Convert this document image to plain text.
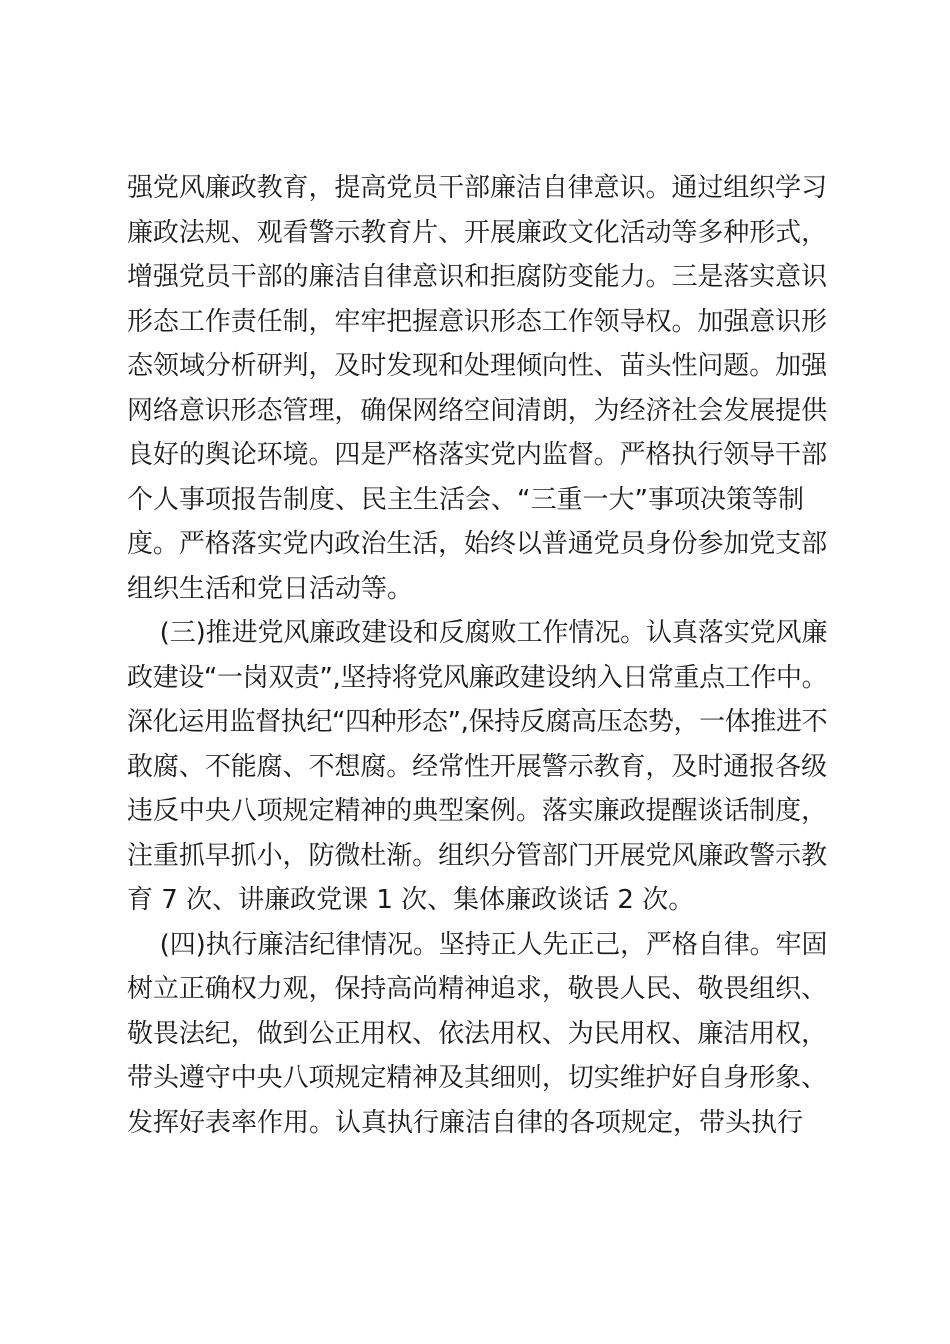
强党风廉政教育，提高党员干部廉洁自律意识。通过组织学习
廉政法规、观看警示教育片、开展廉政文化活动等多种形式，
增强党员干部的廉洁自律意识和拒腐防变能力。三是落实意识
形态工作责任制，牢牢把握意识形态工作领导权。加强意识形
态领域分析研判，及时发现和处理倾向性、苗头性问题。加强
网络意识形态管理，确保网络空间清朗，为经济社会发展提供
良好的舆论环境。四是严格落实党内监督。严格执行领导干部
个人事项报告制度、民主生活会、“三重一大”事项决策等制
度。严格落实党内政治生活，始终以普通党员身份参加党支部
组织生活和党日活动等。
(三)推进党风廉政建设和反腐败工作情况。认真落实党风廉
政建设“一岗双责”,坚持将党风廉政建设纳入日常重点工作中。
深化运用监督执纪“四种形态”,保持反腐高压态势，一体推进不
敢腐、不能腐、不想腐。经常性开展警示教育，及时通报各级
违反中央八项规定精神的典型案例。落实廉政提醒谈话制度，
注重抓早抓小，防微杜渐。组织分管部门开展党风廉政警示教
育 7 次、讲廉政党课 1 次、集体廉政谈话 2 次。
(四)执行廉洁纪律情况。坚持正人先正己，严格自律。牢固
树立正确权力观，保持高尚精神追求，敬畏人民、敬畏组织、
敬畏法纪，做到公正用权、依法用权、为民用权、廉洁用权，
带头遵守中央八项规定精神及其细则，切实维护好自身形象、
发挥好表率作用。认真执行廉洁自律的各项规定，带头执行
